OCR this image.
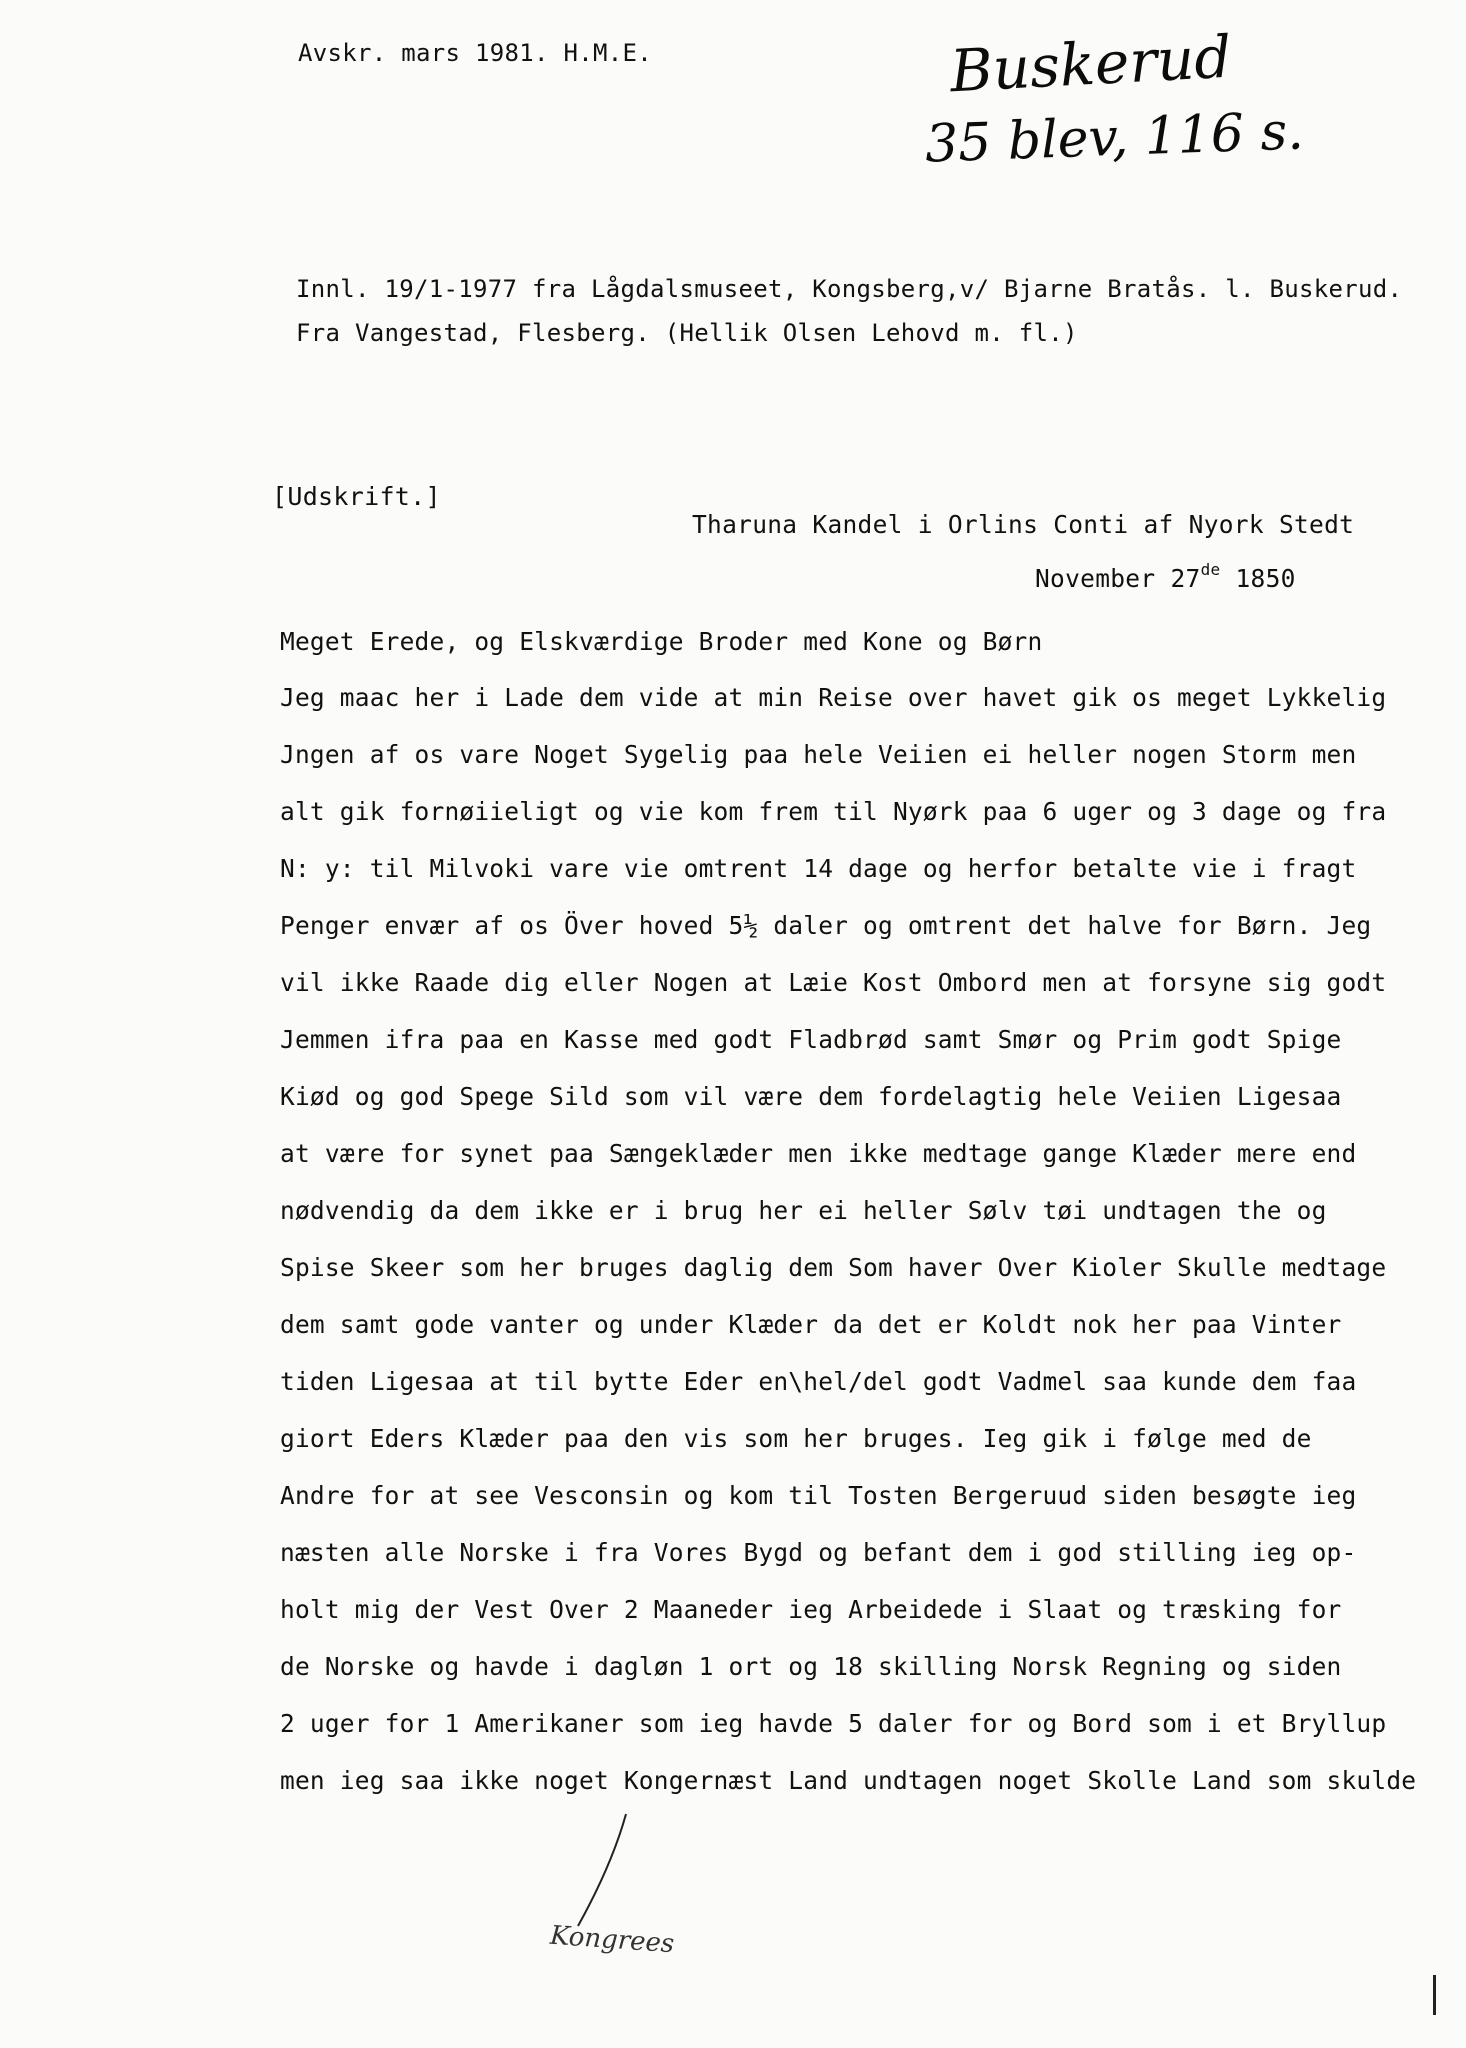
Avskr. mars 1981. H.M.E.	Buskerud
35 blev, 116 s.
Innl. 19/1-1977 fra Lågdalsmuseet, Kongsberg,v/ Bjarne Bratås. l. Buskerud.
Fra Vangestad, Flesberg. (Hellik Olsen Lehovd m. fl.)
[Udskrift.]
Tharuna Kandel i Orlins Conti af Nyork Stedt
November 27de 1850
Meget Erede, og Elskværdige Broder med Kone og Børn
Jeg maac her i Lade dem vide at min Reise over havet gik os meget Lykkelig
Jngen af os vare Noget Sygelig paa hele Veiien ei heller nogen Storm men
alt gik fornøiieligt og vie kom frem til Nyørk paa 6 uger og 3 dage og fra
N: y: til Milvoki vare vie omtrent 14 dage og herfor betalte vie i fragt
Penger envær af os Över hoved 5½ daler og omtrent det halve for Børn. Jeg
vil ikke Raade dig eller Nogen at Læie Kost Ombord men at forsyne sig godt
Jemmen ifra paa en Kasse med godt Fladbrød samt Smør og Prim godt Spige
Kiød og god Spege Sild som vil være dem fordelagtig hele Veiien Ligesaa
at være for synet paa Sængeklæder men ikke medtage gange Klæder mere end
nødvendig da dem ikke er i brug her ei heller Sølv tøi undtagen the og
Spise Skeer som her bruges daglig dem Som haver Over Kioler Skulle medtage
dem samt gode vanter og under Klæder da det er Koldt nok her paa Vinter
tiden Ligesaa at til bytte Eder en\hel/del godt Vadmel saa kunde dem faa
giort Eders Klæder paa den vis som her bruges. Ieg gik i følge med de
Andre for at see Vesconsin og kom til Tosten Bergeruud siden besøgte ieg
næsten alle Norske i fra Vores Bygd og befant dem i god stilling ieg op-
holt mig der Vest Over 2 Maaneder ieg Arbeidede i Slaat og træsking for
de Norske og havde i dagløn 1 ort og 18 skilling Norsk Regning og siden
2 uger for 1 Amerikaner som ieg havde 5 daler for og Bord som i et Bryllup
men ieg saa ikke noget Kongernæst Land undtagen noget Skolle Land som skulde
Kongrees
